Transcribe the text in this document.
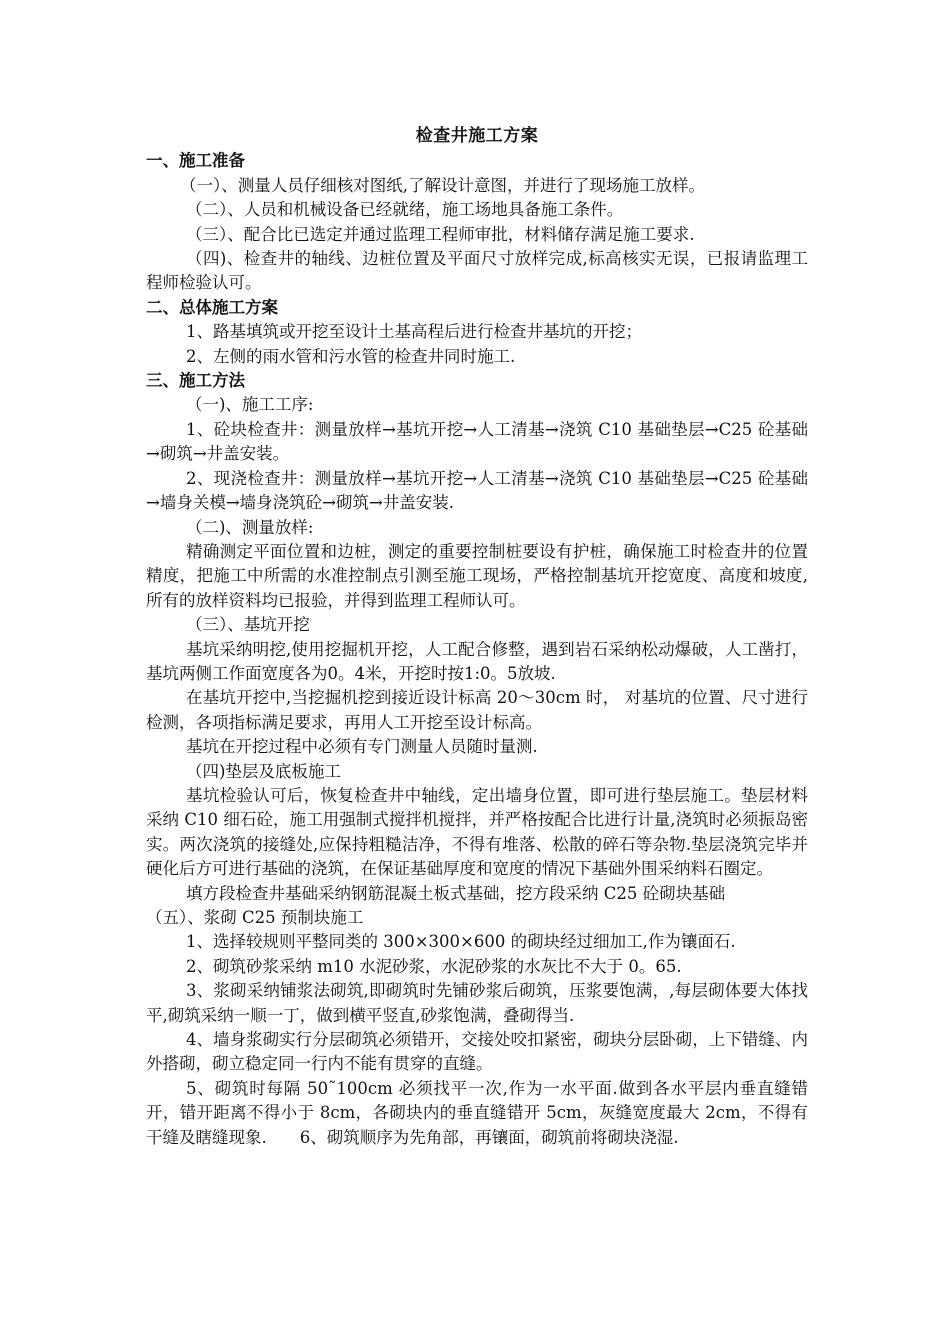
检查井施工方案
一、施工准备

（一）、测量人员仔细核对图纸,了解设计意图，并进行了现场施工放样。

（二）、人员和机械设备已经就绪，施工场地具备施工条件。

（三）、配合比已选定并通过监理工程师审批，材料储存满足施工要求.

（四)、检查井的轴线、边桩位置及平面尺寸放样完成,标高核实无误，已报请监理工程师检验认可。

二、总体施工方案

1、路基填筑或开挖至设计土基高程后进行检查井基坑的开挖；

2、左侧的雨水管和污水管的检查井同时施工.

三、施工方法

（一)、施工工序:

1、砼块检查井：测量放样→基坑开挖→人工清基→浇筑 C10 基础垫层→C25 砼基础→砌筑→井盖安装。

2、现浇检查井：测量放样→基坑开挖→人工清基→浇筑 C10 基础垫层→C25 砼基础→墙身关模→墙身浇筑砼→砌筑→井盖安装.

（二)、测量放样:

精确测定平面位置和边桩，测定的重要控制桩要设有护桩，确保施工时检查井的位置精度，把施工中所需的水准控制点引测至施工现场，严格控制基坑开挖宽度、高度和坡度,所有的放样资料均已报验，并得到监理工程师认可。

（三）、基坑开挖

基坑采纳明挖,使用挖掘机开挖，人工配合修整，遇到岩石采纳松动爆破，人工凿打，基坑两侧工作面宽度各为0。4米，开挖时按1:0。5放坡.

在基坑开挖中,当挖掘机挖到接近设计标高 20～30cm 时， 对基坑的位置、尺寸进行检测，各项指标满足要求，再用人工开挖至设计标高。

基坑在开挖过程中必须有专门测量人员随时量测.

（四)垫层及底板施工

基坑检验认可后，恢复检查井中轴线，定出墙身位置，即可进行垫层施工。垫层材料采纳 C10 细石砼，施工用强制式搅拌机搅拌，并严格按配合比进行计量,浇筑时必须振岛密实。两次浇筑的接缝处,应保持粗糙洁净，不得有堆落、松散的碎石等杂物.垫层浇筑完毕并硬化后方可进行基础的浇筑，在保证基础厚度和宽度的情况下基础外围采纳料石圈定。

填方段检查井基础采纳钢筋混凝土板式基础，挖方段采纳 C25 砼砌块基础

（五）、浆砌 C25 预制块施工

1、选择较规则平整同类的 300×300×600 的砌块经过细加工,作为镶面石.

2、砌筑砂浆采纳 m10 水泥砂浆，水泥砂浆的水灰比不大于 0。65.

3、浆砌采纳铺浆法砌筑,即砌筑时先铺砂浆后砌筑，压浆要饱满，,每层砌体要大体找平,砌筑采纳一顺一丁，做到横平竖直,砂浆饱满，叠砌得当.

4、墙身浆砌实行分层砌筑必须错开，交接处咬扣紧密，砌块分层卧砌，上下错缝、内外搭砌，砌立稳定同一行内不能有贯穿的直缝。

5、砌筑时每隔 50˜100cm 必须找平一次,作为一水平面.做到各水平层内垂直缝错开，错开距离不得小于 8cm，各砌块内的垂直缝错开 5cm，灰缝宽度最大 2cm，不得有干缝及瞎缝现象.　　6、砌筑顺序为先角部，再镶面，砌筑前将砌块浇湿.
